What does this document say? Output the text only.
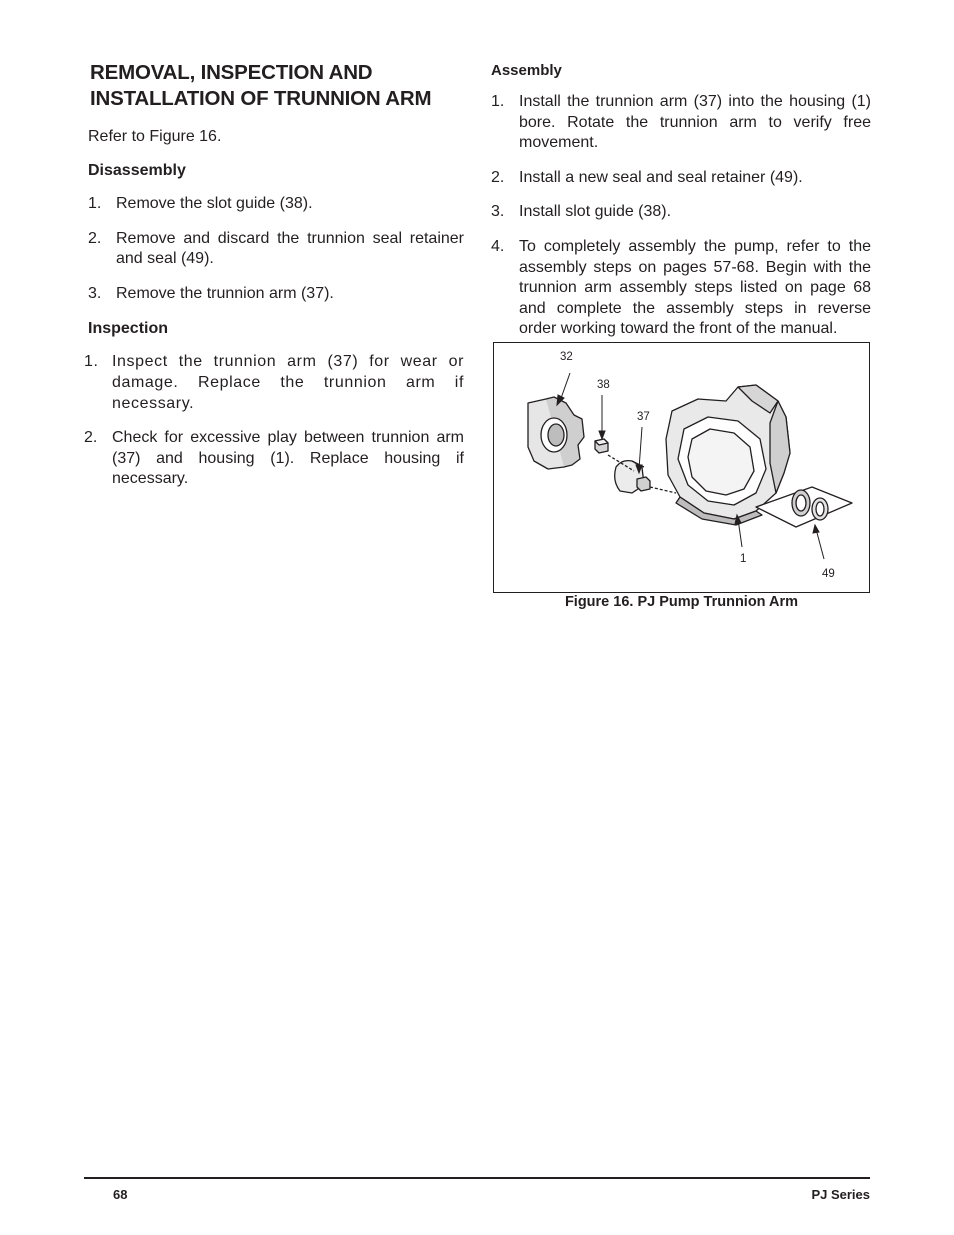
REMOVAL, INSPECTION AND
INSTALLATION OF TRUNNION ARM

Refer to Figure 16.

Disassembly
1. Remove the slot guide (38).
2. Remove and discard the trunnion seal retainer and seal (49).
3. Remove the trunnion arm (37).
Inspection
1. Inspect the trunnion arm (37) for wear or damage. Replace the trunnion arm if necessary.
2. Check for excessive play between trunnion arm (37) and housing (1). Replace housing if necessary.
Assembly
1. Install the trunnion arm (37) into the housing (1) bore. Rotate the trunnion arm to verify free movement.
2. Install a new seal and seal retainer (49).
3. Install slot guide (38).
4. To completely assembly the pump, refer to the assembly steps on pages 57-68. Begin with the trunnion arm assembly steps listed on page 68 and complete the assembly steps in reverse order working toward the front of the manual.
32
38
37
1
49
Figure 16. PJ Pump Trunnion Arm
68	PJ Series
